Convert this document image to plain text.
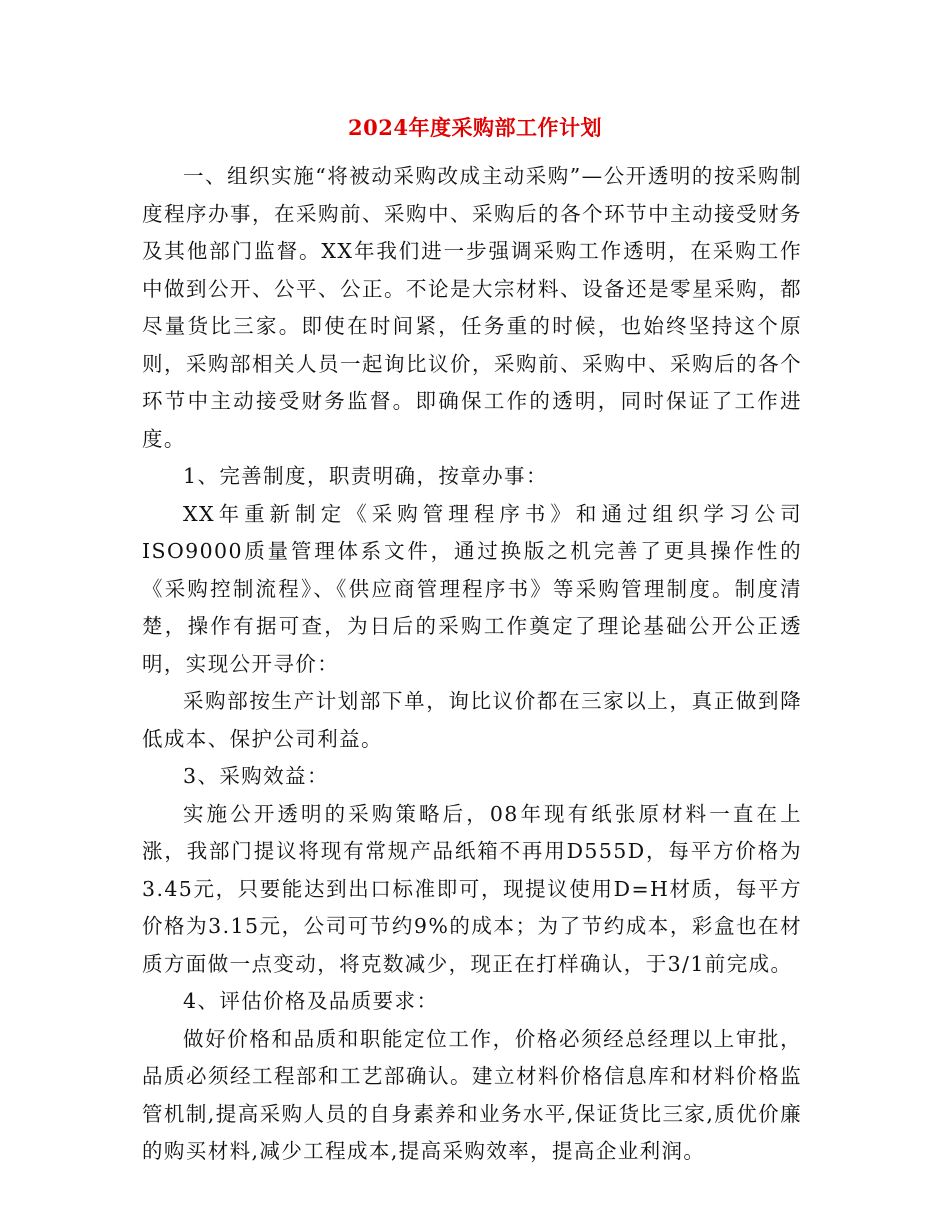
2024年度采购部工作计划

一、组织实施“将被动采购改成主动采购”—公开透明的按采购制度程序办事，在采购前、采购中、采购后的各个环节中主动接受财务及其他部门监督。XX年我们进一步强调采购工作透明，在采购工作中做到公开、公平、公正。不论是大宗材料、设备还是零星采购，都尽量货比三家。即使在时间紧，任务重的时候，也始终坚持这个原则，采购部相关人员一起询比议价，采购前、采购中、采购后的各个环节中主动接受财务监督。即确保工作的透明，同时保证了工作进度。

1、完善制度，职责明确，按章办事：

XX年重新制定《采购管理程序书》和通过组织学习公司ISO9000质量管理体系文件，通过换版之机完善了更具操作性的《采购控制流程》、《供应商管理程序书》等采购管理制度。制度清楚，操作有据可查，为日后的采购工作奠定了理论基础公开公正透明，实现公开寻价：

采购部按生产计划部下单，询比议价都在三家以上，真正做到降低成本、保护公司利益。

3、采购效益：

实施公开透明的采购策略后，08年现有纸张原材料一直在上涨，我部门提议将现有常规产品纸箱不再用D555D，每平方价格为3.45元，只要能达到出口标准即可，现提议使用D=H材质，每平方价格为3.15元，公司可节约9%的成本；为了节约成本，彩盒也在材质方面做一点变动，将克数减少，现正在打样确认，于3/1前完成。

4、评估价格及品质要求：

做好价格和品质和职能定位工作，价格必须经总经理以上审批，品质必须经工程部和工艺部确认。建立材料价格信息库和材料价格监管机制,提高采购人员的自身素养和业务水平,保证货比三家,质优价廉的购买材料,减少工程成本,提高采购效率，提高企业利润。
